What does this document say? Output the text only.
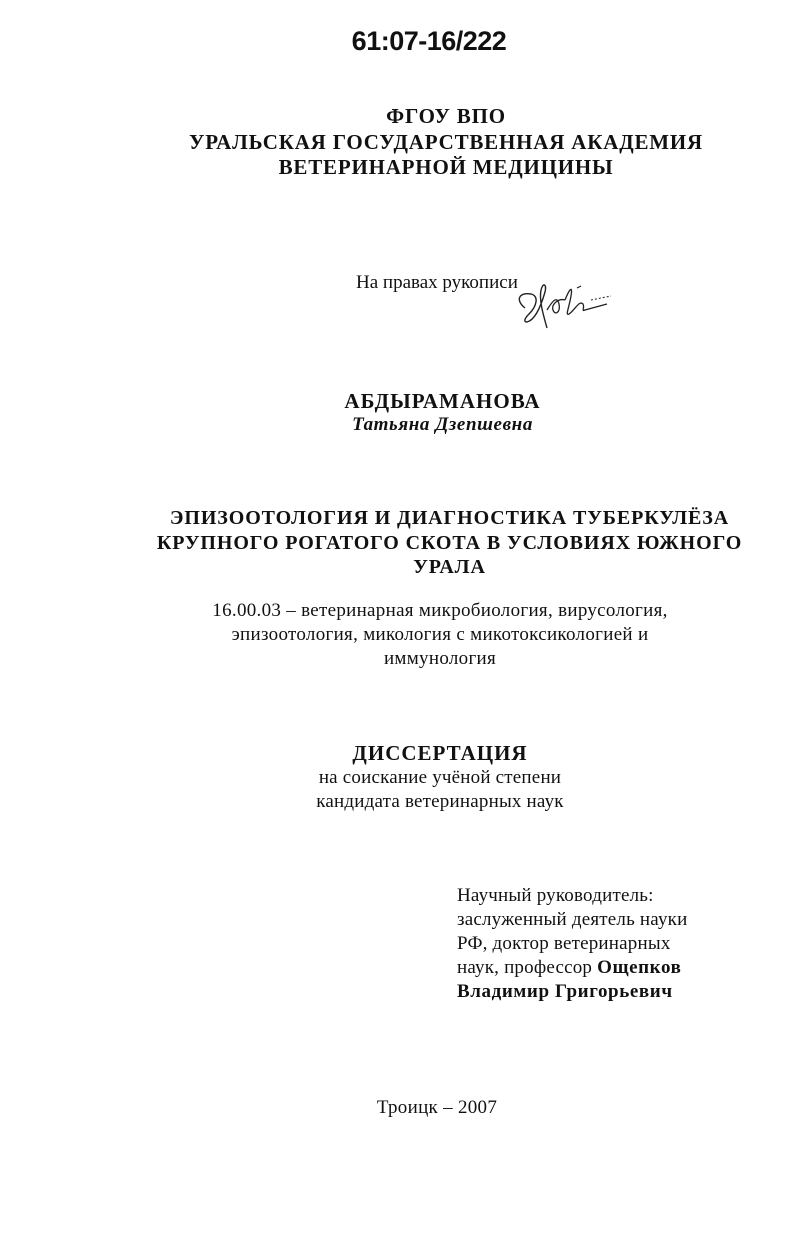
61:07-16/222
ФГОУ ВПО
УРАЛЬСКАЯ ГОСУДАРСТВЕННАЯ АКАДЕМИЯ
ВЕТЕРИНАРНОЙ МЕДИЦИНЫ
На правах рукописи
АБДЫРАМАНОВА
Татьяна Дзепшевна
ЭПИЗООТОЛОГИЯ И ДИАГНОСТИКА ТУБЕРКУЛЁЗА
КРУПНОГО РОГАТОГО СКОТА В УСЛОВИЯХ ЮЖНОГО
УРАЛА
16.00.03 – ветеринарная микробиология, вирусология,
эпизоотология, микология с микотоксикологией и
иммунология
ДИССЕРТАЦИЯ
на соискание учёной степени
кандидата ветеринарных наук
Научный руководитель:
заслуженный деятель науки
РФ, доктор ветеринарных
наук, профессор Ощепков
Владимир Григорьевич
Троицк – 2007
